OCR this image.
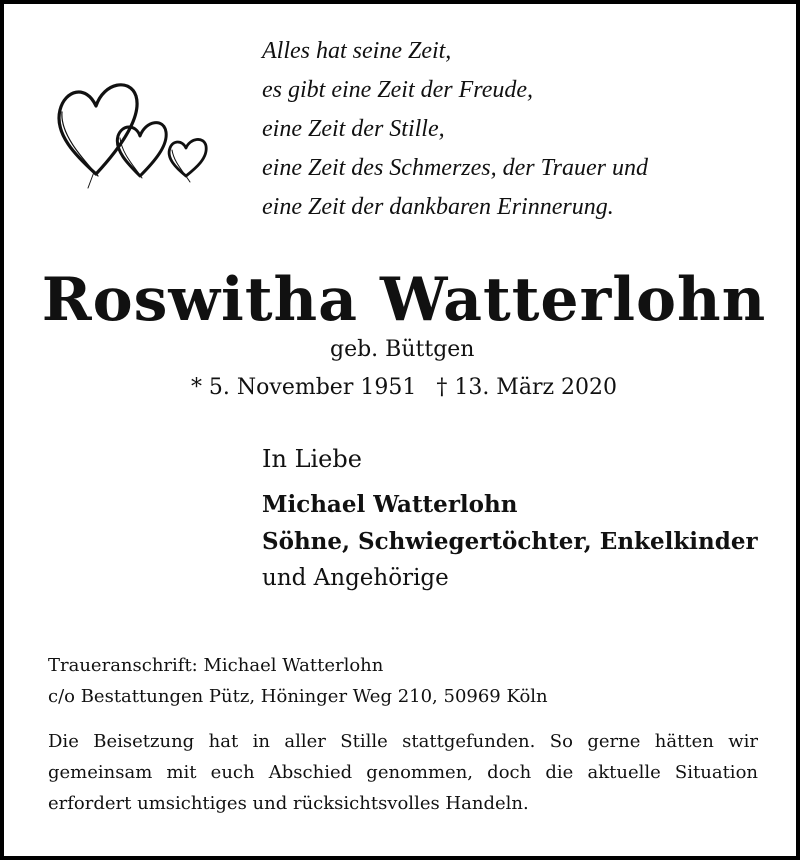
Alles hat seine Zeit,
es gibt eine Zeit der Freude,
eine Zeit der Stille,
eine Zeit des Schmerzes, der Trauer und
eine Zeit der dankbaren Erinnerung.
Roswitha Watterlohn
geb. Büttgen
* 5. November 1951 † 13. März 2020
In Liebe
Michael Watterlohn
Söhne, Schwiegertöchter, Enkelkinder
und Angehörige
Traueranschrift: Michael Watterlohn
c/o Bestattungen Pütz, Höninger Weg 210, 50969 Köln
Die Beisetzung hat in aller Stille stattgefunden. So gerne hätten wir gemeinsam mit euch Abschied genommen, doch die aktuelle Situation erfordert umsichtiges und rücksichtsvolles Handeln.
